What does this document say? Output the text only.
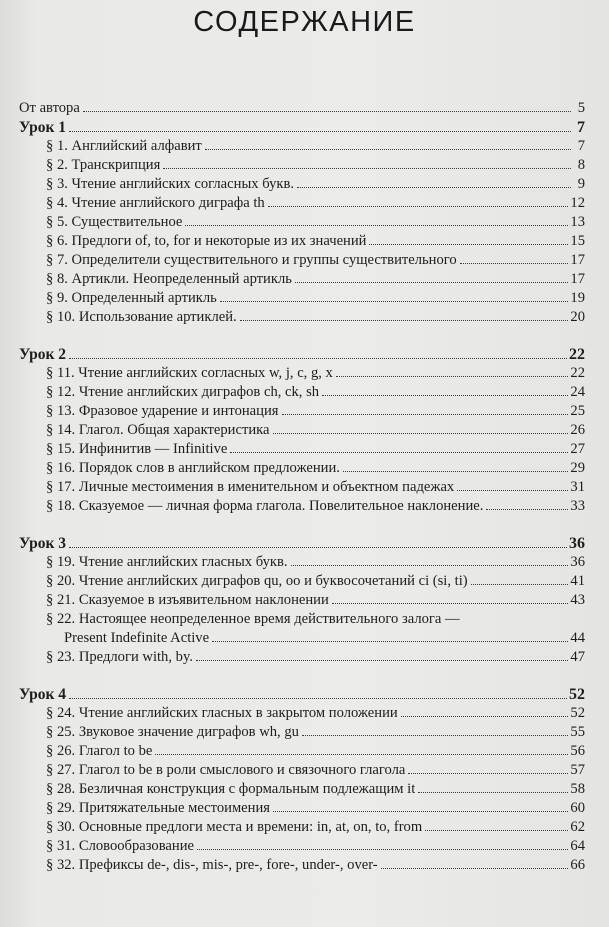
СОДЕРЖАНИЕ
От автора	5
Урок 1	7
§ 1. Английский алфавит	7
§ 2. Транскрипция	8
§ 3. Чтение английских согласных букв.	9
§ 4. Чтение английского диграфа th	12
§ 5. Существительное	13
§ 6. Предлоги of, to, for и некоторые из их значений	15
§ 7. Определители существительного и группы существительного	17
§ 8. Артикли. Неопределенный артикль	17
§ 9. Определенный артикль	19
§ 10. Использование артиклей.	20
Урок 2	22
§ 11. Чтение английских согласных w, j, c, g, x	22
§ 12. Чтение английских диграфов ch, ck, sh	24
§ 13. Фразовое ударение и интонация	25
§ 14. Глагол. Общая характеристика	26
§ 15. Инфинитив — Infinitive	27
§ 16. Порядок слов в английском предложении.	29
§ 17. Личные местоимения в именительном и объектном падежах	31
§ 18. Сказуемое — личная форма глагола. Повелительное наклонение.	33
Урок 3	36
§ 19. Чтение английских гласных букв.	36
§ 20. Чтение английских диграфов qu, oo и буквосочетаний ci (si, ti)	41
§ 21. Сказуемое в изъявительном наклонении	43
§ 22. Настоящее неопределенное время действительного залога —
Present Indefinite Active	44
§ 23. Предлоги with, by.	47
Урок 4	52
§ 24. Чтение английских гласных в закрытом положении	52
§ 25. Звуковое значение диграфов wh, gu	55
§ 26. Глагол to be	56
§ 27. Глагол to be в роли смыслового и связочного глагола	57
§ 28. Безличная конструкция с формальным подлежащим it	58
§ 29. Притяжательные местоимения	60
§ 30. Основные предлоги места и времени: in, at, on, to, from	62
§ 31. Словообразование	64
§ 32. Префиксы de-, dis-, mis-, pre-, fore-, under-, over-	66
